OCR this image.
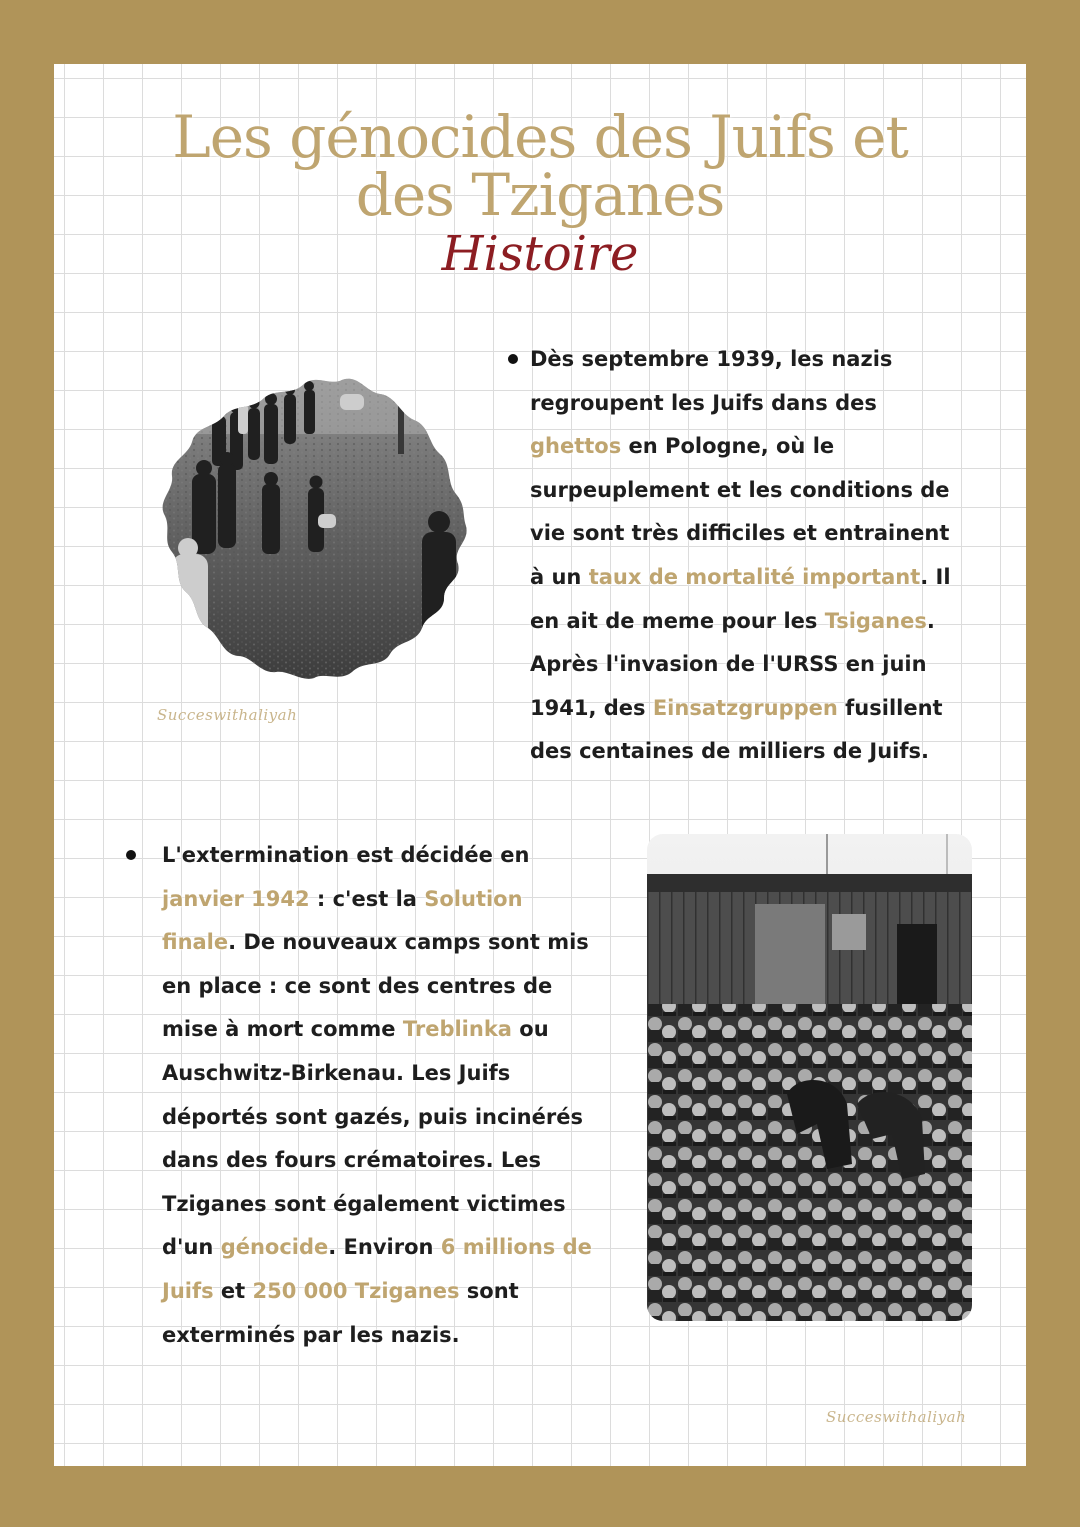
Les génocides des Juifs et
des Tziganes
Histoire
Succeswithaliyah

Dès septembre 1939, les nazis

regroupent les Juifs dans des

ghettos en Pologne, où le

surpeuplement et les conditions de

vie sont très difficiles et entrainent

à un taux de mortalité important. Il

en ait de meme pour les Tsiganes.

Après l'invasion de l'URSS en juin

1941, des Einsatzgruppen fusillent

des centaines de milliers de Juifs.

L'extermination est décidée en

janvier 1942 : c'est la Solution

finale. De nouveaux camps sont mis

en place : ce sont des centres de

mise à mort comme Treblinka ou

Auschwitz-Birkenau. Les Juifs

déportés sont gazés, puis incinérés

dans des fours crématoires. Les

Tziganes sont également victimes

d'un génocide. Environ 6 millions de

Juifs et 250 000 Tziganes sont

exterminés par les nazis.

Succeswithaliyah
